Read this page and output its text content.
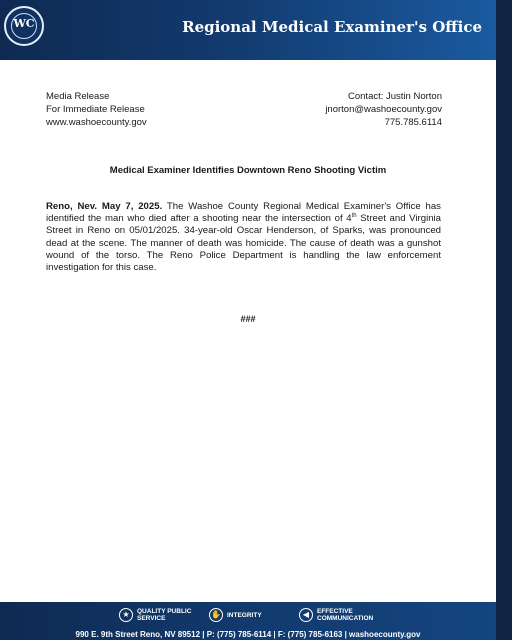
WC	Regional Medical Examiner's Office
Media Release
For Immediate Release
www.washoecounty.gov
Contact: Justin Norton
jnorton@washoecounty.gov
775.785.6114
Medical Examiner Identifies Downtown Reno Shooting Victim
Reno, Nev. May 7, 2025. The Washoe County Regional Medical Examiner's Office has identified the man who died after a shooting near the intersection of 4th Street and Virginia Street in Reno on 05/01/2025. 34-year-old Oscar Henderson, of Sparks, was pronounced dead at the scene. The manner of death was homicide. The cause of death was a gunshot wound of the torso. The Reno Police Department is handling the law enforcement investigation for this case.
###
★	QUALITY PUBLIC SERVICE	✋ INTEGRITY	◀	EFFECTIVE COMMUNICATION
990 E. 9th Street Reno, NV 89512 | P: (775) 785-6114 | F: (775) 785-6163 | washoecounty.gov
